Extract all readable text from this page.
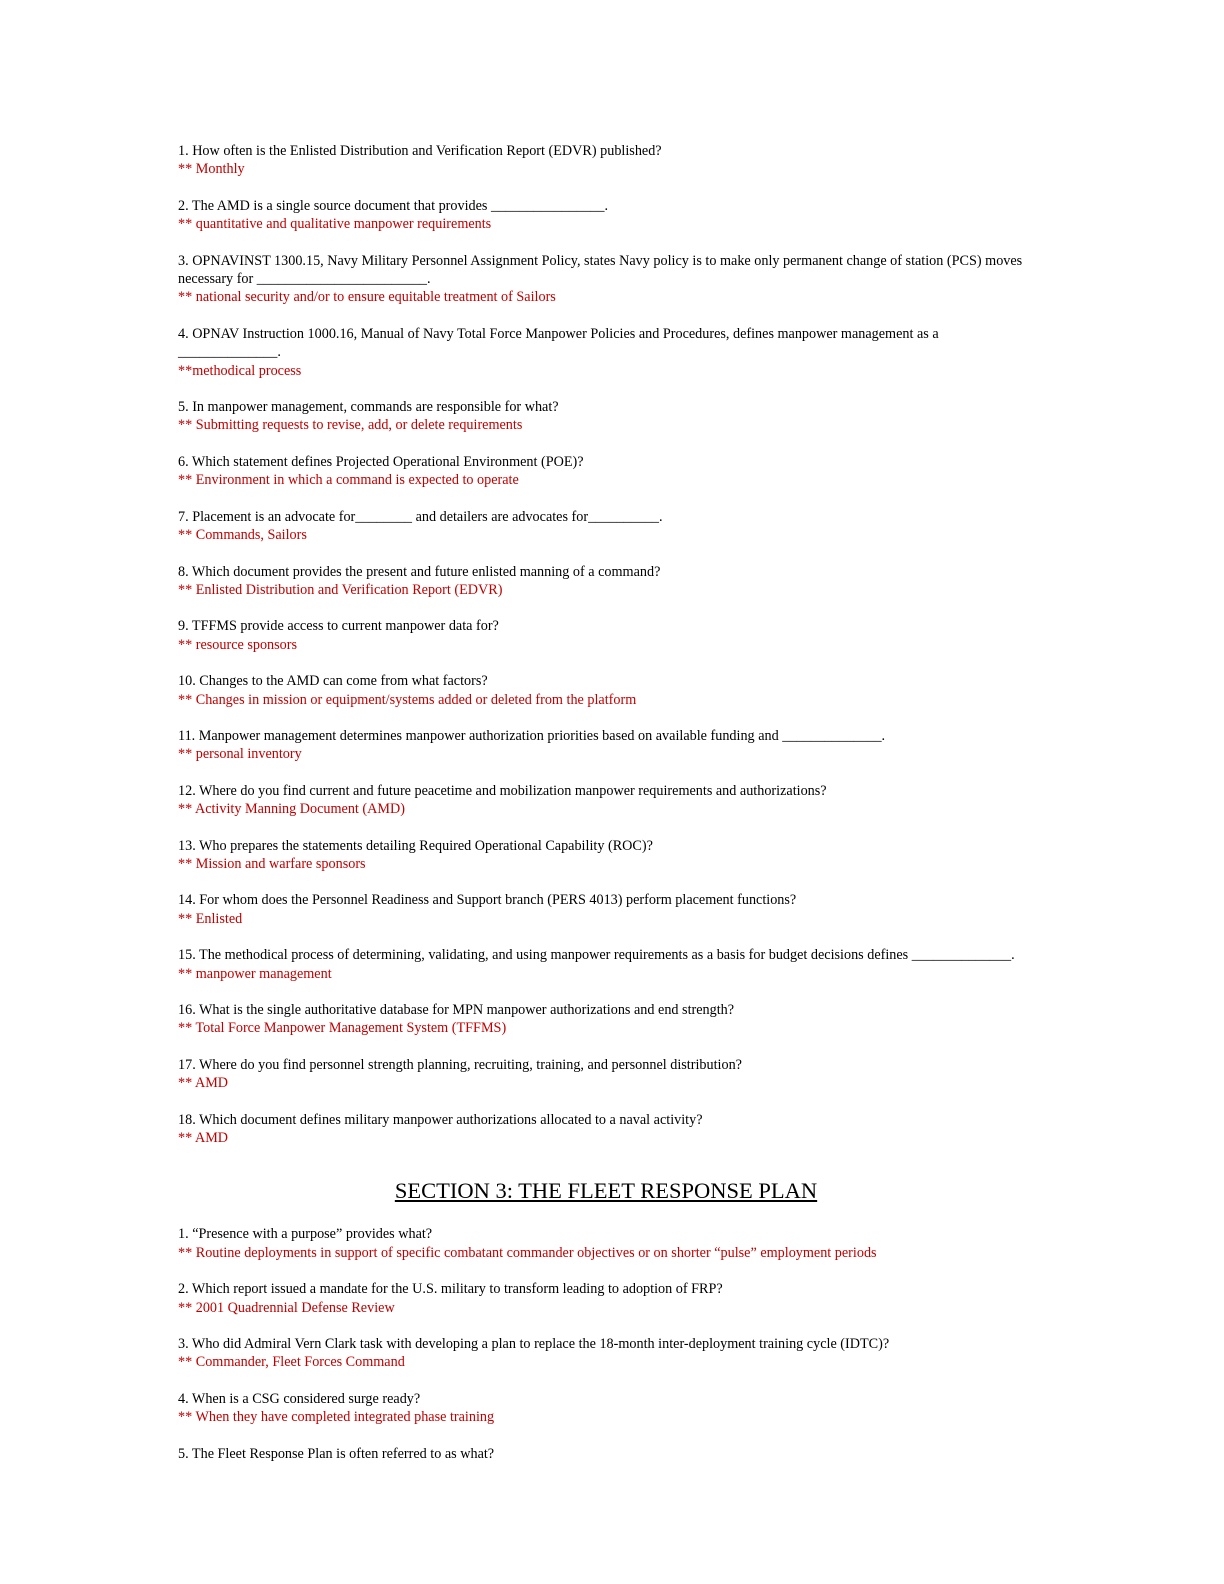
1. How often is the Enlisted Distribution and Verification Report (EDVR) published?

** Monthly

2. The AMD is a single source document that provides ________________.

** quantitative and qualitative manpower requirements

3. OPNAVINST 1300.15, Navy Military Personnel Assignment Policy, states Navy policy is to make only permanent change of station (PCS) moves necessary for ________________________.

** national security and/or to ensure equitable treatment of Sailors

4. OPNAV Instruction 1000.16, Manual of Navy Total Force Manpower Policies and Procedures, defines manpower management as a ______________.

**methodical process

5. In manpower management, commands are responsible for what?

** Submitting requests to revise, add, or delete requirements

6. Which statement defines Projected Operational Environment (POE)?

** Environment in which a command is expected to operate

7. Placement is an advocate for________ and detailers are advocates for__________.

** Commands, Sailors

8. Which document provides the present and future enlisted manning of a command?

** Enlisted Distribution and Verification Report (EDVR)

9. TFFMS provide access to current manpower data for?

** resource sponsors

10. Changes to the AMD can come from what factors?

** Changes in mission or equipment/systems added or deleted from the platform

11. Manpower management determines manpower authorization priorities based on available funding and ______________.

** personal inventory

12. Where do you find current and future peacetime and mobilization manpower requirements and authorizations?

** Activity Manning Document (AMD)

13. Who prepares the statements detailing Required Operational Capability (ROC)?

** Mission and warfare sponsors

14. For whom does the Personnel Readiness and Support branch (PERS 4013) perform placement functions?

** Enlisted

15. The methodical process of determining, validating, and using manpower requirements as a basis for budget decisions defines ______________.

** manpower management

16. What is the single authoritative database for MPN manpower authorizations and end strength?

** Total Force Manpower Management System (TFFMS)

17. Where do you find personnel strength planning, recruiting, training, and personnel distribution?

** AMD

18. Which document defines military manpower authorizations allocated to a naval activity?

** AMD

SECTION 3: THE FLEET RESPONSE PLAN

1. “Presence with a purpose” provides what?

** Routine deployments in support of specific combatant commander objectives or on shorter “pulse” employment periods

2. Which report issued a mandate for the U.S. military to transform leading to adoption of FRP?

** 2001 Quadrennial Defense Review

3. Who did Admiral Vern Clark task with developing a plan to replace the 18-month inter-deployment training cycle (IDTC)?

** Commander, Fleet Forces Command

4. When is a CSG considered surge ready?

** When they have completed integrated phase training

5. The Fleet Response Plan is often referred to as what?
